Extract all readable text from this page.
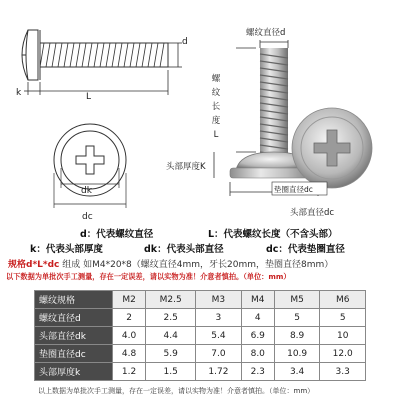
d
k	L
dk
dc
螺纹直径d
螺
纹
长
度
L
头部厚度K
垫圈直径dc
头部直径dc
d：代表螺纹直径	L：代表螺纹长度（不含头部）
k：代表头部厚度	dk：代表头部直径	dc：代表垫圈直径
规格d*L*dc 组成 如M4*20*8（螺纹直径4mm，牙长20mm，垫圈直径8mm）
以下数据为单批次手工测量，存在一定误差，请以实物为准！介意者慎拍。（单位：mm）
螺纹规格	M2	M2.5	M3	M4	M5	M6
螺纹直径d	2	2.5	3	4	5	5
头部直径dk	4.0	4.4	5.4	6.9	8.9	10
垫圈直径dc	4.8	5.9	7.0	8.0	10.9	12.0
头部厚度k	1.2	1.5	1.72	2.3	3.4	3.3
以上数据为单批次手工测量，存在一定误差，请以实物为准！介意者慎拍。（单位：mm）
